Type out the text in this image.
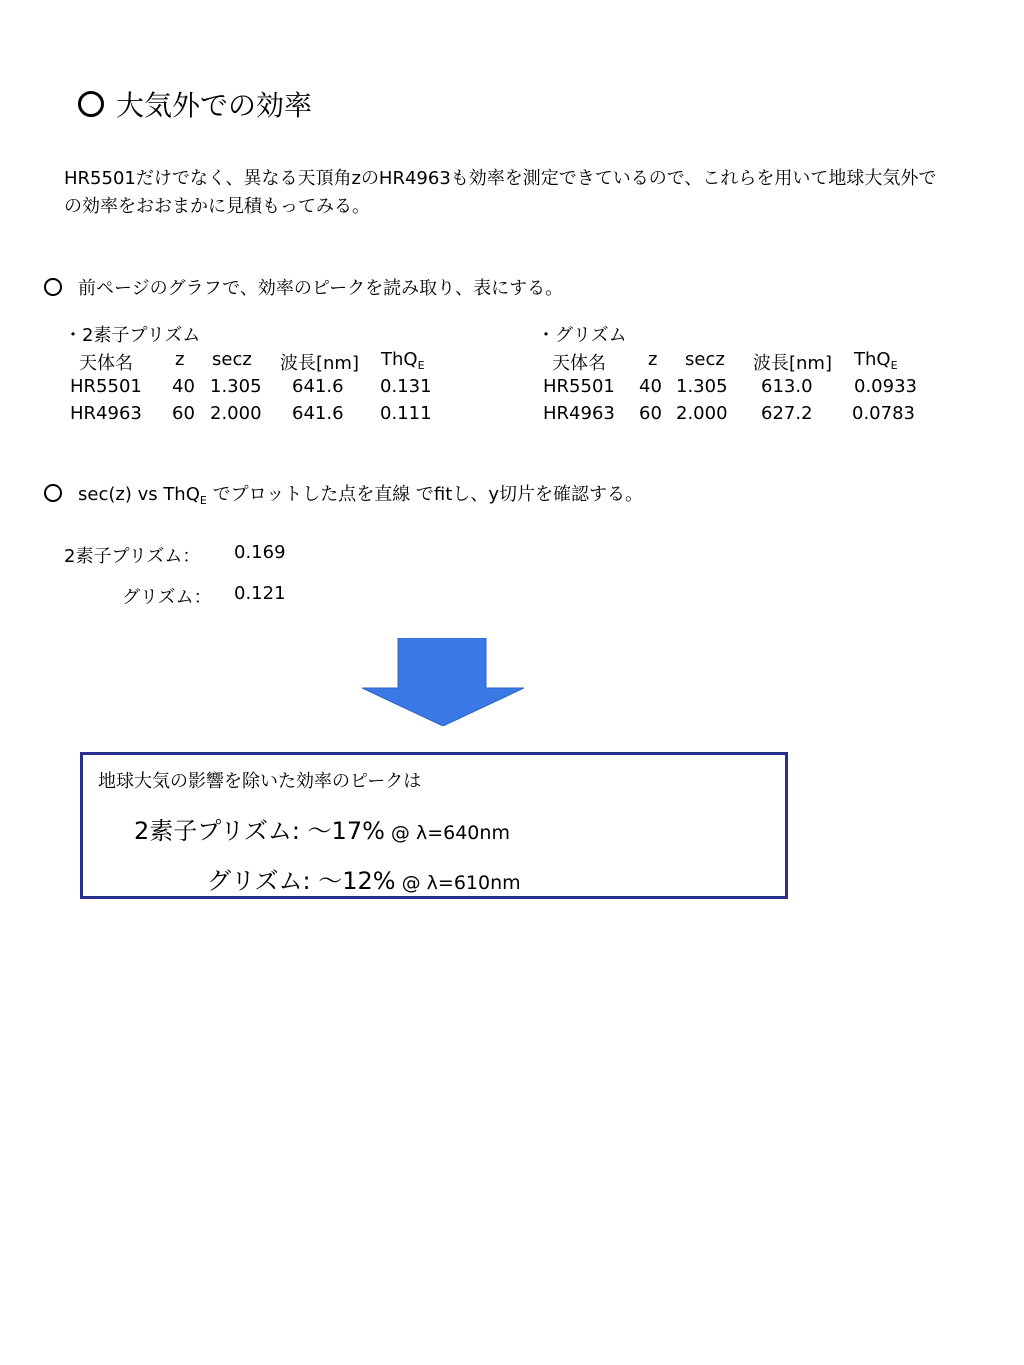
大気外での効率
HR5501だけでなく、異なる天頂角zのHR4963も効率を測定できているので、これらを用いて地球大気外での効率をおおまかに見積もってみる。
前ページのグラフで、効率のピークを読み取り、表にする。
・2素子プリズム
天体名 z secz 波長[nm] ThQ$_E$
HR5501 40 1.305 641.6 0.131
HR4963 60 2.000 641.6 0.111
・グリズム
天体名 z secz 波長[nm] ThQ$_E$
HR5501 40 1.305 613.0 0.0933
HR4963 60 2.000 627.2 0.0783
sec(z) vs ThQ$_E$ でプロットした点を直線 でfitし、y切片を確認する。
2素子プリズム： 0.169
グリズム： 0.121
地球大気の影響を除いた効率のピークは
2素子プリズム: ～17% @ λ=640nm
グリズム: ～12% @ λ=610nm
